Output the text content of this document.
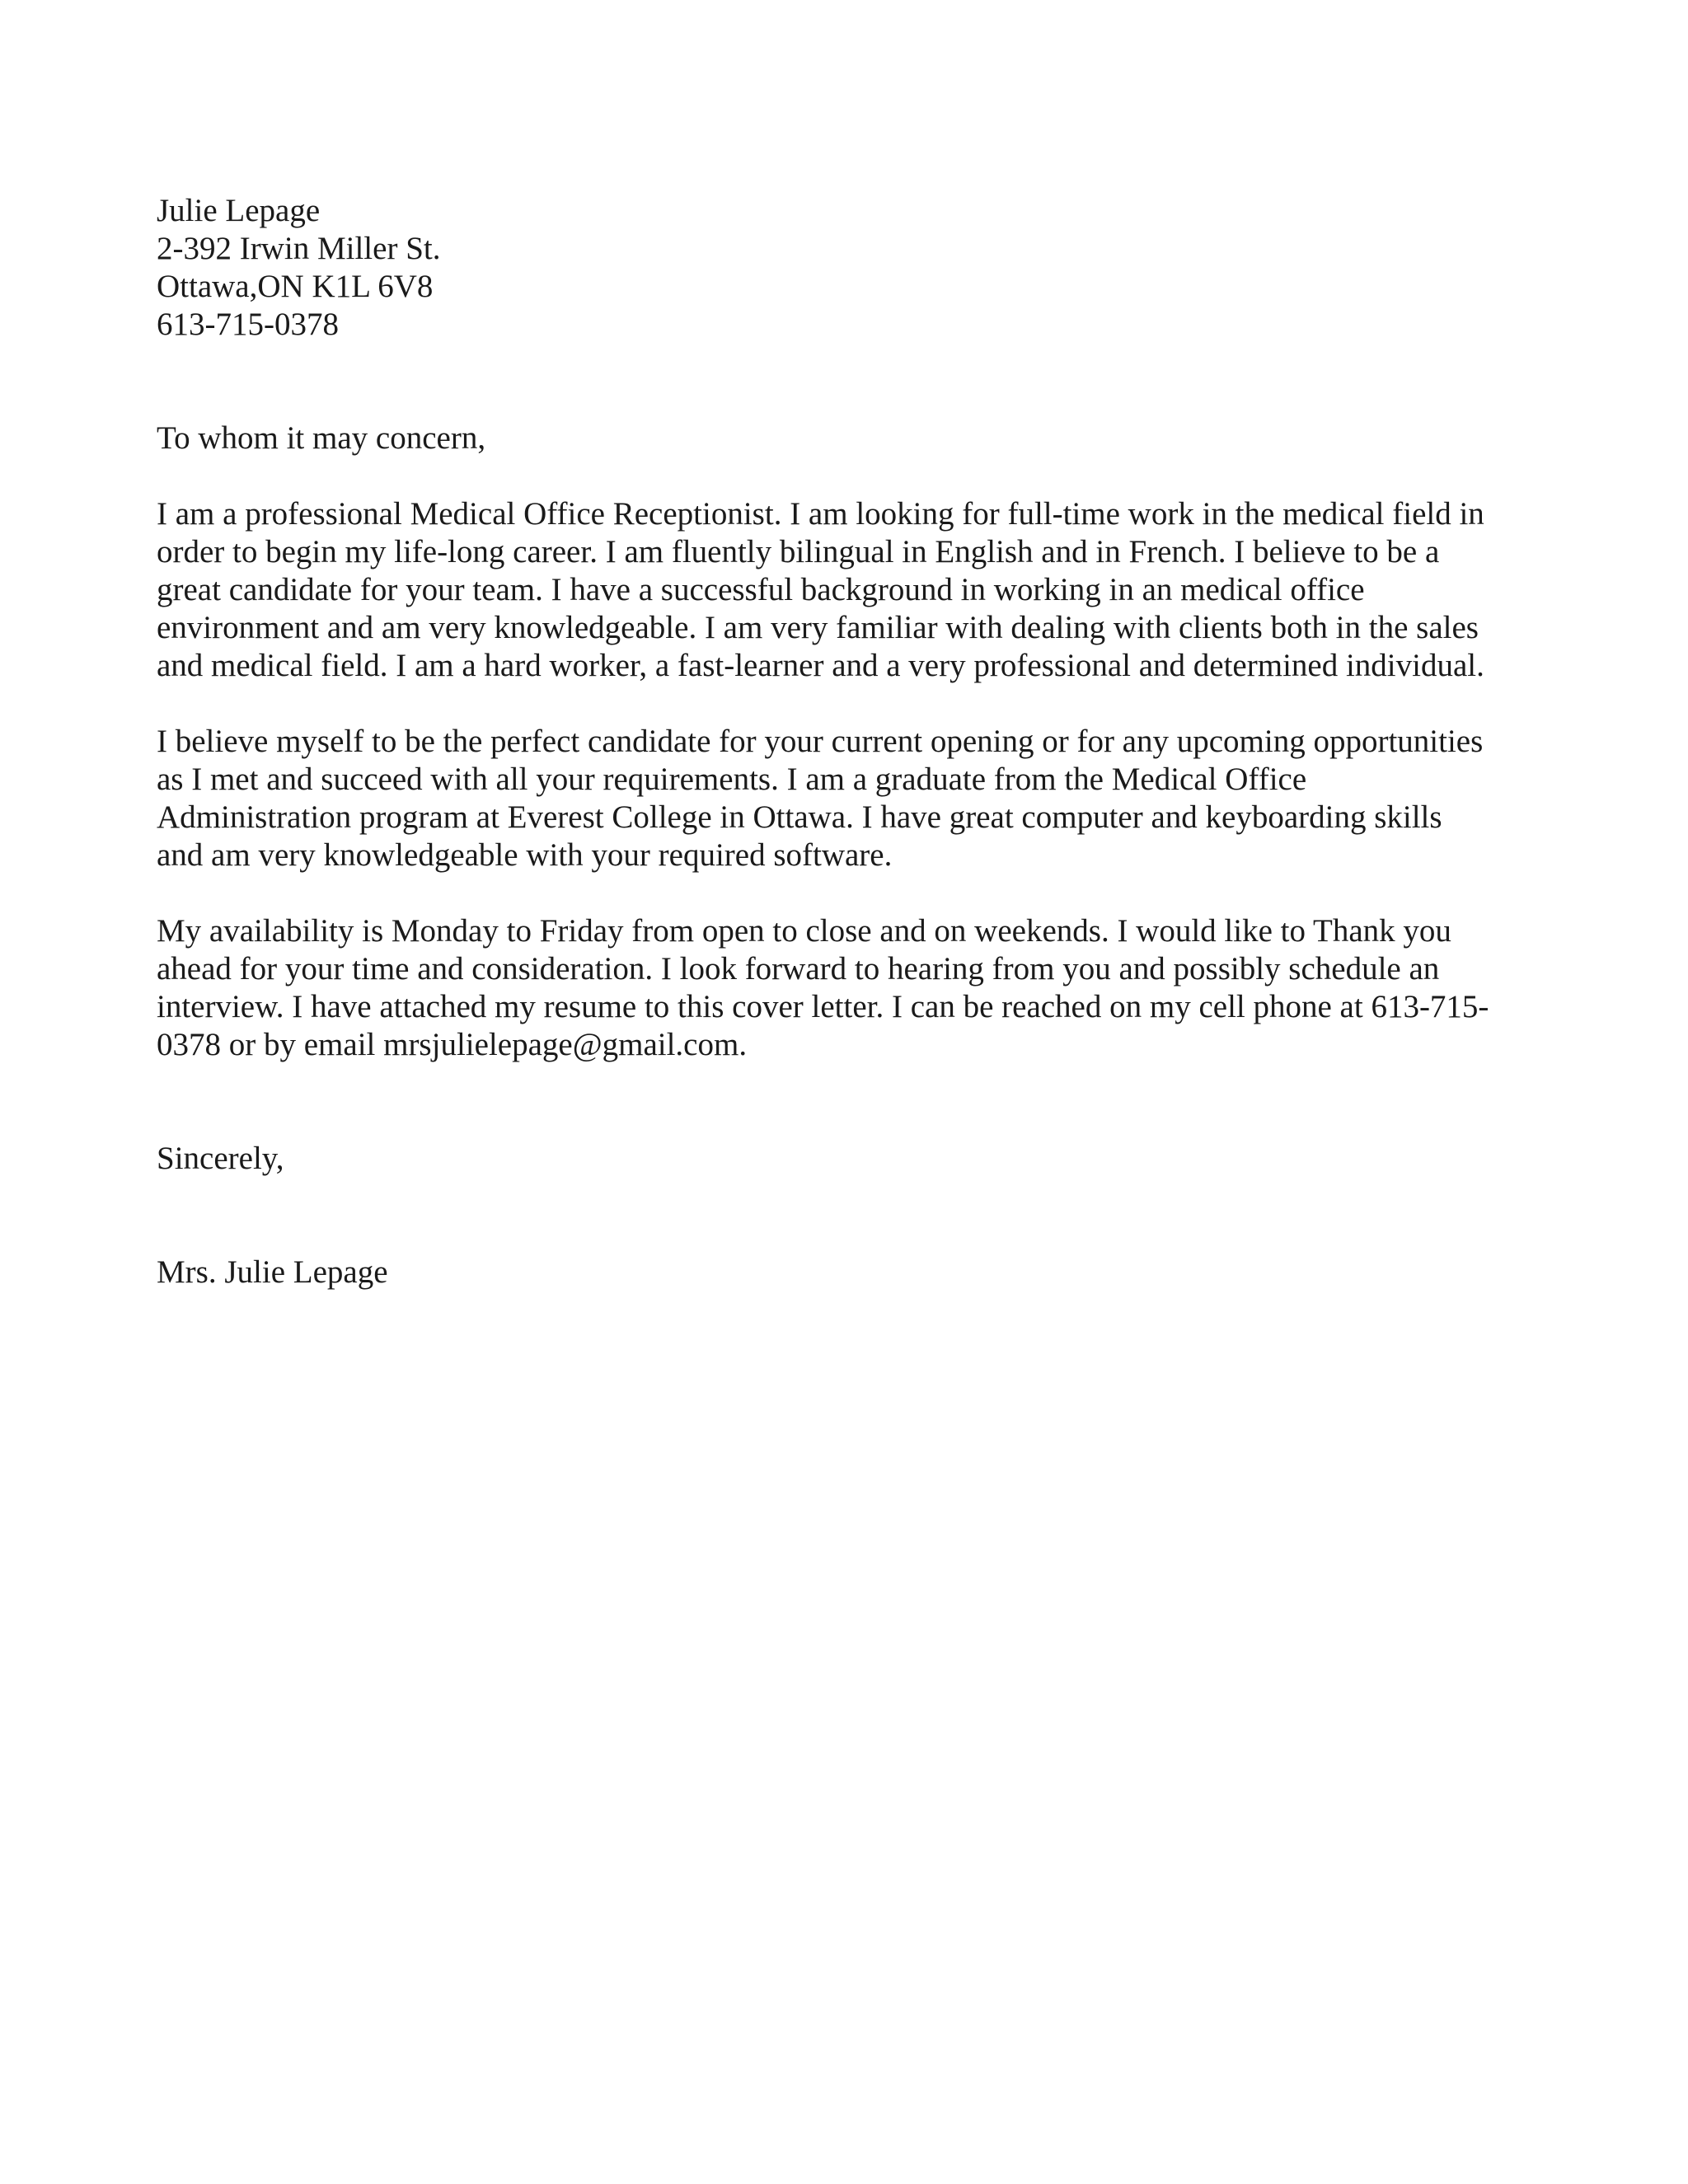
Julie Lepage
2-392 Irwin Miller St.
Ottawa,ON K1L 6V8
613-715-0378
To whom it may concern,
I am a professional Medical Office Receptionist. I am looking for full-time work in the medical field in
order to begin my life-long career. I am fluently bilingual in English and in French. I believe to be a
great candidate for your team. I have a successful background in working in an medical office
environment and am very knowledgeable. I am very familiar with dealing with clients both in the sales
and medical field. I am a hard worker, a fast-learner and a very professional and determined individual.
I believe myself to be the perfect candidate for your current opening or for any upcoming opportunities
as I met and succeed with all your requirements. I am a graduate from the Medical Office
Administration program at Everest College in Ottawa. I have great computer and keyboarding skills
and am very knowledgeable with your required software.
My availability is Monday to Friday from open to close and on weekends. I would like to Thank you
ahead for your time and consideration. I look forward to hearing from you and possibly schedule an
interview. I have attached my resume to this cover letter. I can be reached on my cell phone at 613-715-
0378 or by email mrsjulielepage@gmail.com.
Sincerely,
Mrs. Julie Lepage
